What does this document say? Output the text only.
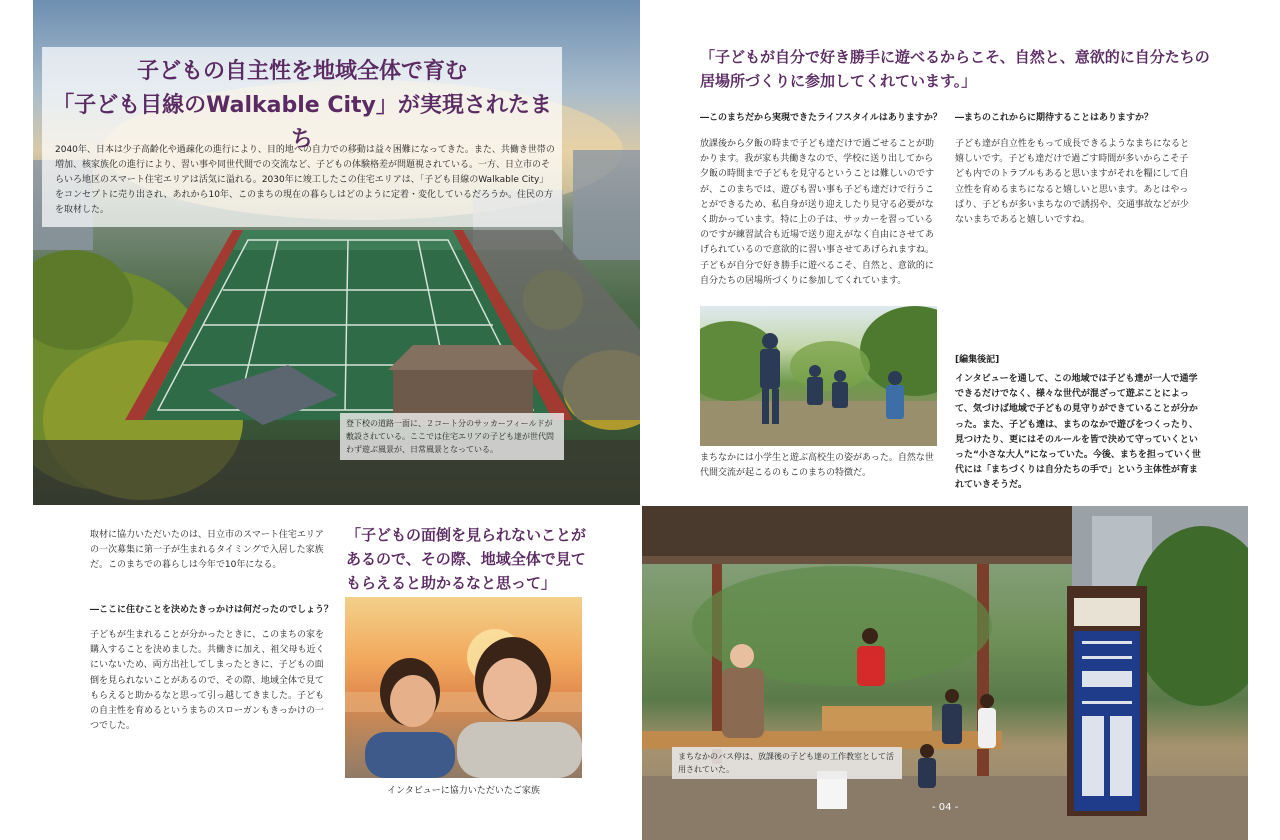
子どもの自主性を地域全体で育む
「子ども目線のWalkable City」が実現されたまち
2040年、日本は少子高齢化や過疎化の進行により、目的地への自力での移動は益々困難になってきた。また、共働き世帯の増加、核家族化の進行により、習い事や同世代間での交流など、子どもの体験格差が問題視されている。一方、日立市のそらいろ地区のスマート住宅エリアは活気に溢れる。2030年に竣工したこの住宅エリアは、「子ども目線のWalkable City」をコンセプトに売り出され、あれから10年、このまちの現在の暮らしはどのように定着・変化しているだろうか。住民の方を取材した。
登下校の道路一面に、２コート分のサッカーフィールドが敷設されている。ここでは住宅エリアの子ども達が世代問わず遊ぶ風景が、日常風景となっている。
「子どもが自分で好き勝手に遊べるからこそ、自然と、意欲的に自分たちの居場所づくりに参加してくれています。」
―このまちだから実現できたライフスタイルはありますか？
放課後から夕飯の時まで子ども達だけで過ごせることが助かります。我が家も共働きなので、学校に送り出してから夕飯の時間まで子どもを見守るということは難しいのですが、このまちでは、遊びも習い事も子ども達だけで行うことができるため、私自身が送り迎えしたり見守る必要がなく助かっています。特に上の子は、サッカーを習っているのですが練習試合も近場で送り迎えがなく自由にさせてあげられているので意欲的に習い事させてあげられますね。子どもが自分で好き勝手に遊べるこそ、自然と、意欲的に自分たちの居場所づくりに参加してくれています。
―まちのこれからに期待することはありますか？
子ども達が自立性をもって成長できるようなまちになると嬉しいです。子ども達だけで過ごす時間が多いからこそ子ども内でのトラブルもあると思いますがそれを糧にして自立性を育めるまちになると嬉しいと思います。あとはやっぱり、子どもが多いまちなので誘拐や、交通事故などが少ないまちであると嬉しいですね。
まちなかには小学生と遊ぶ高校生の姿があった。自然な世代間交流が起こるのもこのまちの特徴だ。
[編集後記]
インタビューを通して、この地域では子ども達が一人で通学できるだけでなく、様々な世代が混ざって遊ぶことによって、気づけば地域で子どもの見守りができていることが分かった。また、子ども達は、まちのなかで遊びをつくったり、見つけたり、更にはそのルールを皆で決めて守っていくといった“小さな大人”になっていた。今後、まちを担っていく世代には「まちづくりは自分たちの手で」という主体性が育まれていきそうだ。
取材に協力いただいたのは、日立市のスマート住宅エリアの一次募集に第一子が生まれるタイミングで入居した家族だ。このまちでの暮らしは今年で10年になる。
―ここに住むことを決めたきっかけは何だったのでしょう？
子どもが生まれることが分かったときに、このまちの家を購入することを決めました。共働きに加え、祖父母も近くにいないため、両方出社してしまったときに、子どもの面倒を見られないことがあるので、その際、地域全体で見てもらえると助かるなと思って引っ越してきました。子どもの自主性を育めるというまちのスローガンもきっかけの一つでした。
「子どもの面倒を見られないことがあるので、その際、地域全体で見てもらえると助かるなと思って」
インタビューに協力いただいたご家族
まちなかのバス停は、放課後の子ども達の工作教室として活用されていた。
- 04 -
